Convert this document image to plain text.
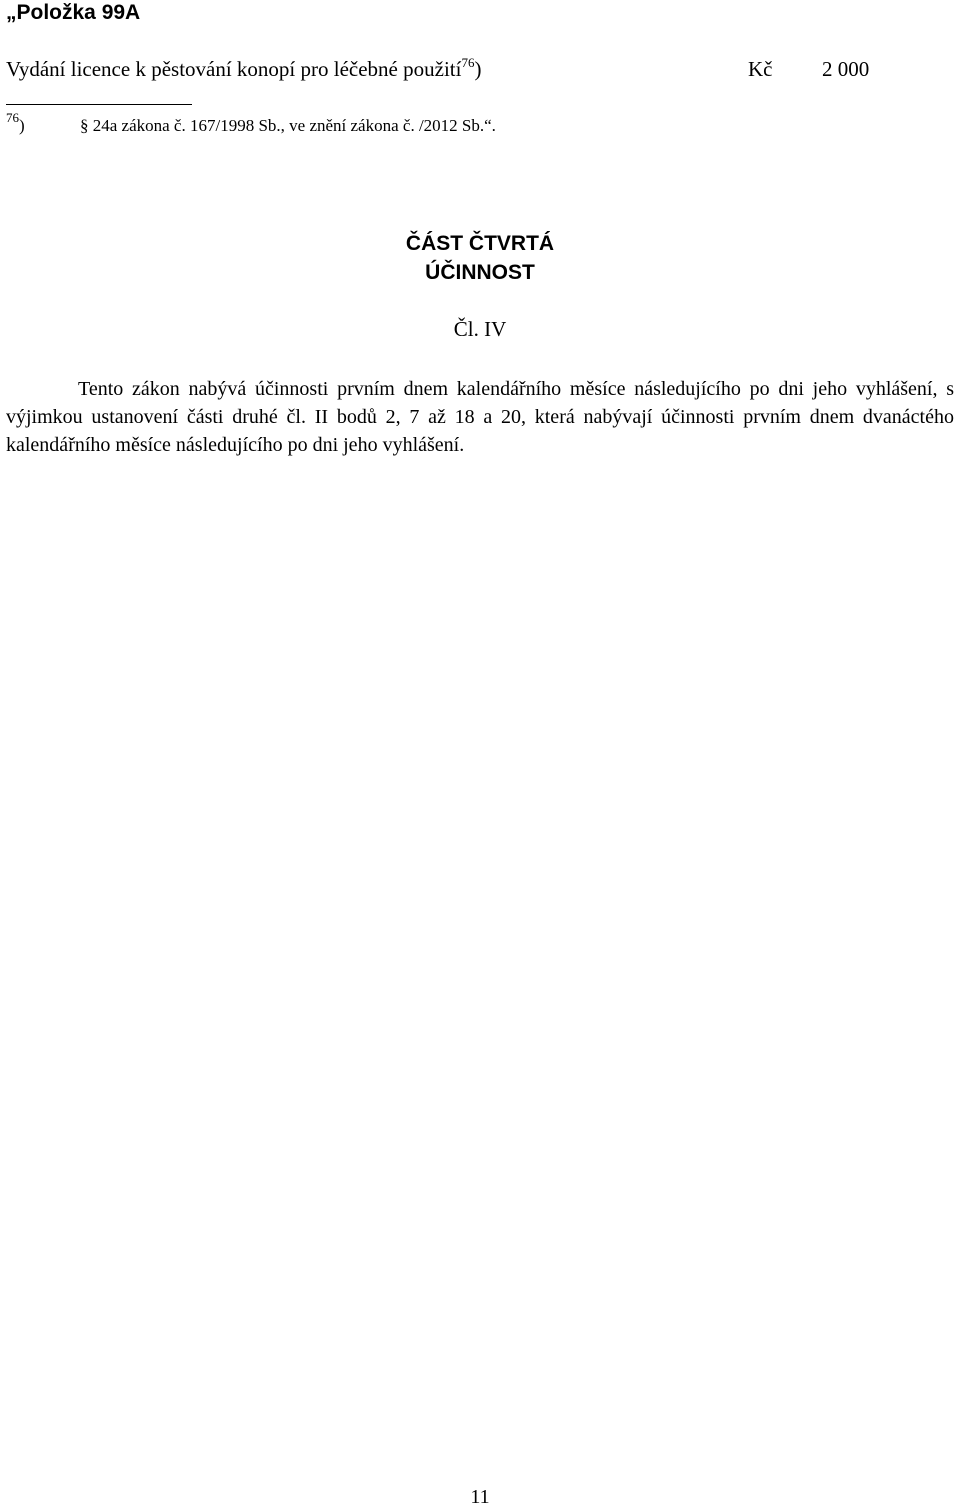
„Položka 99A
Vydání licence k pěstování konopí pro léčebné použití$^{76}$)	Kč 2 000
$^{76}$)	§ 24a zákona č. 167/1998 Sb., ve znění zákona č. /2012 Sb.“.
ČÁST ČTVRTÁ
ÚČINNOST
Čl. IV
Tento zákon nabývá účinnosti prvním dnem kalendářního měsíce následujícího po dni jeho vyhlášení, s výjimkou ustanovení části druhé čl. II bodů 2, 7 až 18 a 20, která nabývají účinnosti prvním dnem dvanáctého kalendářního měsíce následujícího po dni jeho vyhlášení.
11
